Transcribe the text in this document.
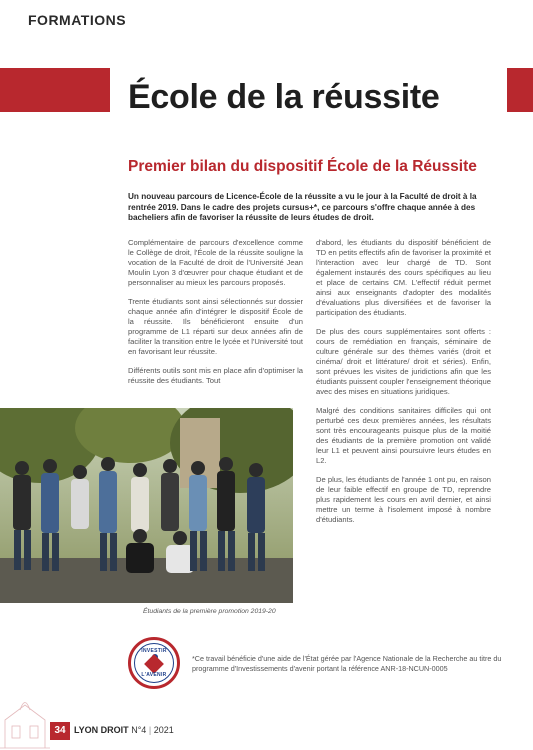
FORMATIONS
École de la réussite
Premier bilan du dispositif École de la Réussite

Un nouveau parcours de Licence-École de la réussite a vu le jour à la Faculté de droit à la rentrée 2019. Dans le cadre des projets cursus+*, ce parcours s'offre chaque année à des bacheliers afin de favoriser la réussite de leurs études de droit.

Complémentaire de parcours d'excellence comme le Collège de droit, l'École de la réussite souligne la vocation de la Faculté de droit de l'Université Jean Moulin Lyon 3 d'œuvrer pour chaque étudiant et de personnaliser au mieux les parcours proposés.

Trente étudiants sont ainsi sélectionnés sur dossier chaque année afin d'intégrer le dispositif École de la réussite. Ils bénéficieront ensuite d'un programme de L1 réparti sur deux années afin de faciliter la transition entre le lycée et l'Université tout en favorisant leur réussite.

Différents outils sont mis en place afin d'optimiser la réussite des étudiants. Tout

d'abord, les étudiants du dispositif bénéficient de TD en petits effectifs afin de favoriser la proximité et l'interaction avec leur chargé de TD. Sont également instaurés des cours spécifiques au lieu et place de certains CM. L'effectif réduit permet ainsi aux enseignants d'adopter des modalités d'évaluations plus diversifiées et de favoriser la participation des étudiants.

De plus des cours supplémentaires sont offerts : cours de remédiation en français, séminaire de culture générale sur des thèmes variés (droit et cinéma/ droit et littérature/ droit et séries). Enfin, sont prévues les visites de juridictions afin que les étudiants puissent coupler l'enseignement théorique avec des mises en situations juridiques.

Malgré des conditions sanitaires difficiles qui ont perturbé ces deux premières années, les résultats sont très encourageants puisque plus de la moitié des étudiants de la première promotion ont validé leur L1 et peuvent ainsi poursuivre leurs études en L2.

De plus, les étudiants de l'année 1 ont pu, en raison de leur faible effectif en groupe de TD, reprendre plus rapidement les cours en avril dernier, et ainsi mettre un terme à l'isolement imposé à nombre d'étudiants.

Étudiants de la première promotion 2019-20
INVESTIR
L'AVENIR

*Ce travail bénéficie d'une aide de l'État gérée par l'Agence Nationale de la Recherche au titre du programme d'Investissements d'avenir portant la référence ANR-18-NCUN-0005

34 LYON DROIT N°4 | 2021
